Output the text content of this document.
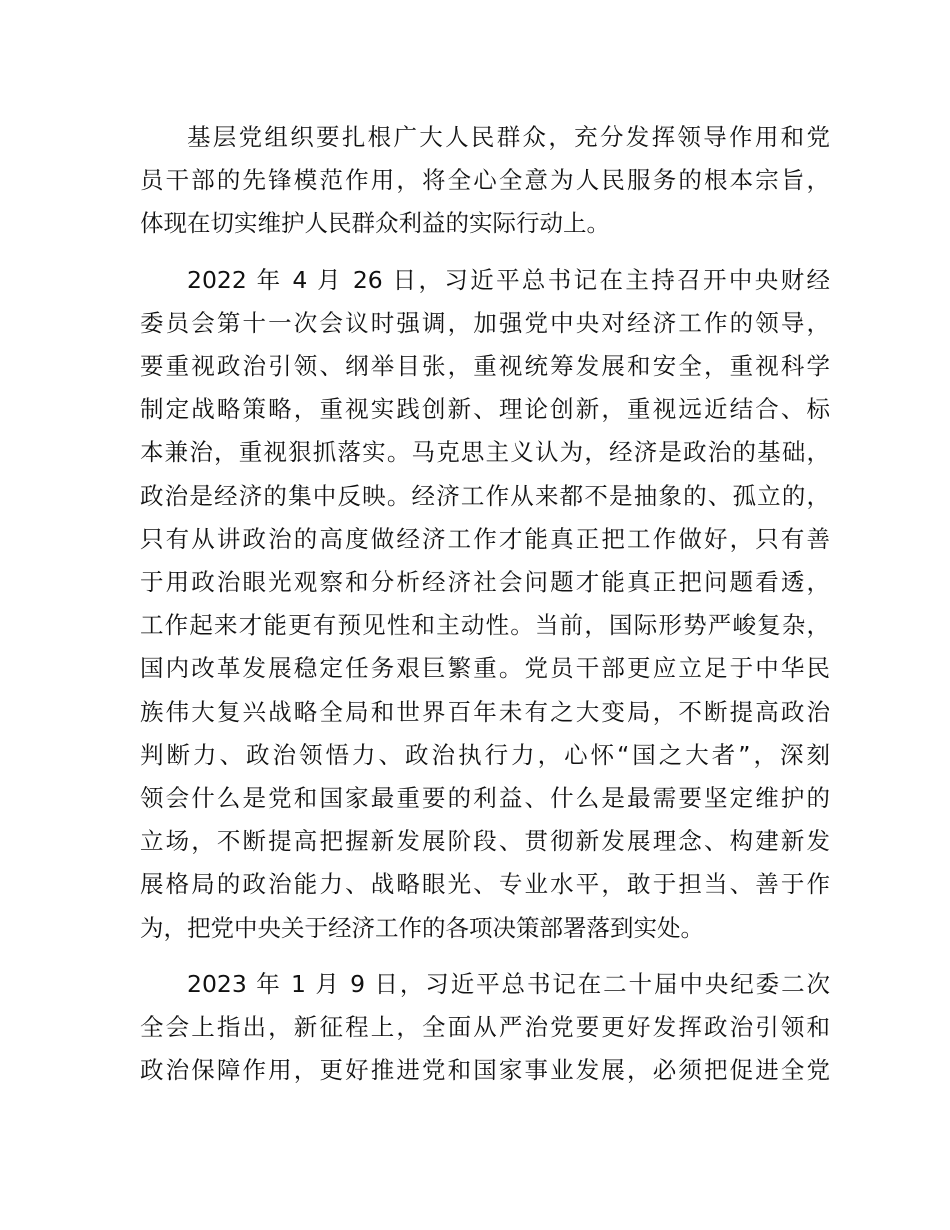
基层党组织要扎根广大人民群众，充分发挥领导作用和党
员干部的先锋模范作用，将全心全意为人民服务的根本宗旨，
体现在切实维护人民群众利益的实际行动上。

2022 年 4 月 26 日，习近平总书记在主持召开中央财经
委员会第十一次会议时强调，加强党中央对经济工作的领导，
要重视政治引领、纲举目张，重视统筹发展和安全，重视科学
制定战略策略，重视实践创新、理论创新，重视远近结合、标
本兼治，重视狠抓落实。马克思主义认为，经济是政治的基础，
政治是经济的集中反映。经济工作从来都不是抽象的、孤立的，
只有从讲政治的高度做经济工作才能真正把工作做好，只有善
于用政治眼光观察和分析经济社会问题才能真正把问题看透，
工作起来才能更有预见性和主动性。当前，国际形势严峻复杂，
国内改革发展稳定任务艰巨繁重。党员干部更应立足于中华民
族伟大复兴战略全局和世界百年未有之大变局，不断提高政治
判断力、政治领悟力、政治执行力，心怀“国之大者”，深刻
领会什么是党和国家最重要的利益、什么是最需要坚定维护的
立场，不断提高把握新发展阶段、贯彻新发展理念、构建新发
展格局的政治能力、战略眼光、专业水平，敢于担当、善于作
为，把党中央关于经济工作的各项决策部署落到实处。

2023 年 1 月 9 日，习近平总书记在二十届中央纪委二次
全会上指出，新征程上，全面从严治党要更好发挥政治引领和
政治保障作用，更好推进党和国家事业发展，必须把促进全党
